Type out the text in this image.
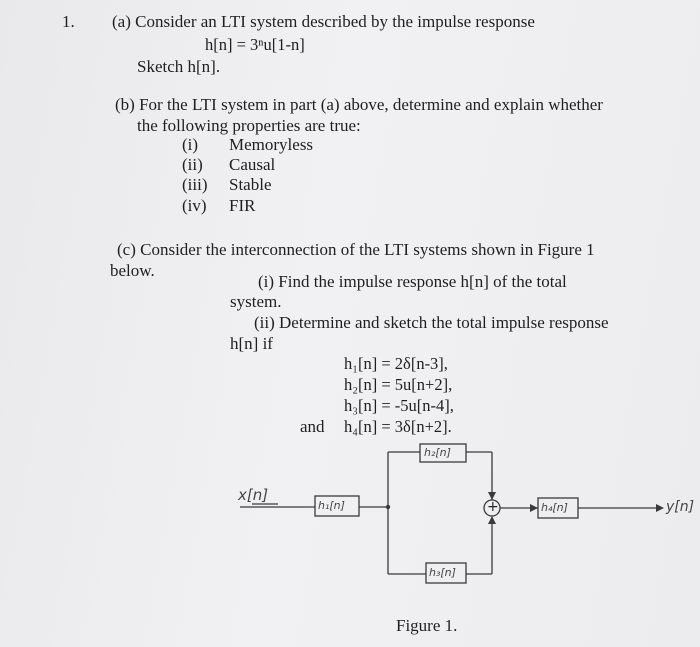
1. (a) Consider an LTI system described by the impulse response
h[n] = 3ⁿu[1-n]
Sketch h[n].
(b) For the LTI system in part (a) above, determine and explain whether
the following properties are true:
(i) Memoryless
(ii) Causal
(iii) Stable
(iv) FIR
(c) Consider the interconnection of the LTI systems shown in Figure 1
below.
(i) Find the impulse response h[n] of the total
system.
(ii) Determine and sketch the total impulse response
h[n] if
h₁[n] = 2δ[n-3],
h₂[n] = 5u[n+2],
h₃[n] = -5u[n-4],
and h₄[n] = 3δ[n+2].
x[n]
h₁[n]
h₂[n]
h₃[n]
h₄[n]
+	y[n]
Figure 1.
